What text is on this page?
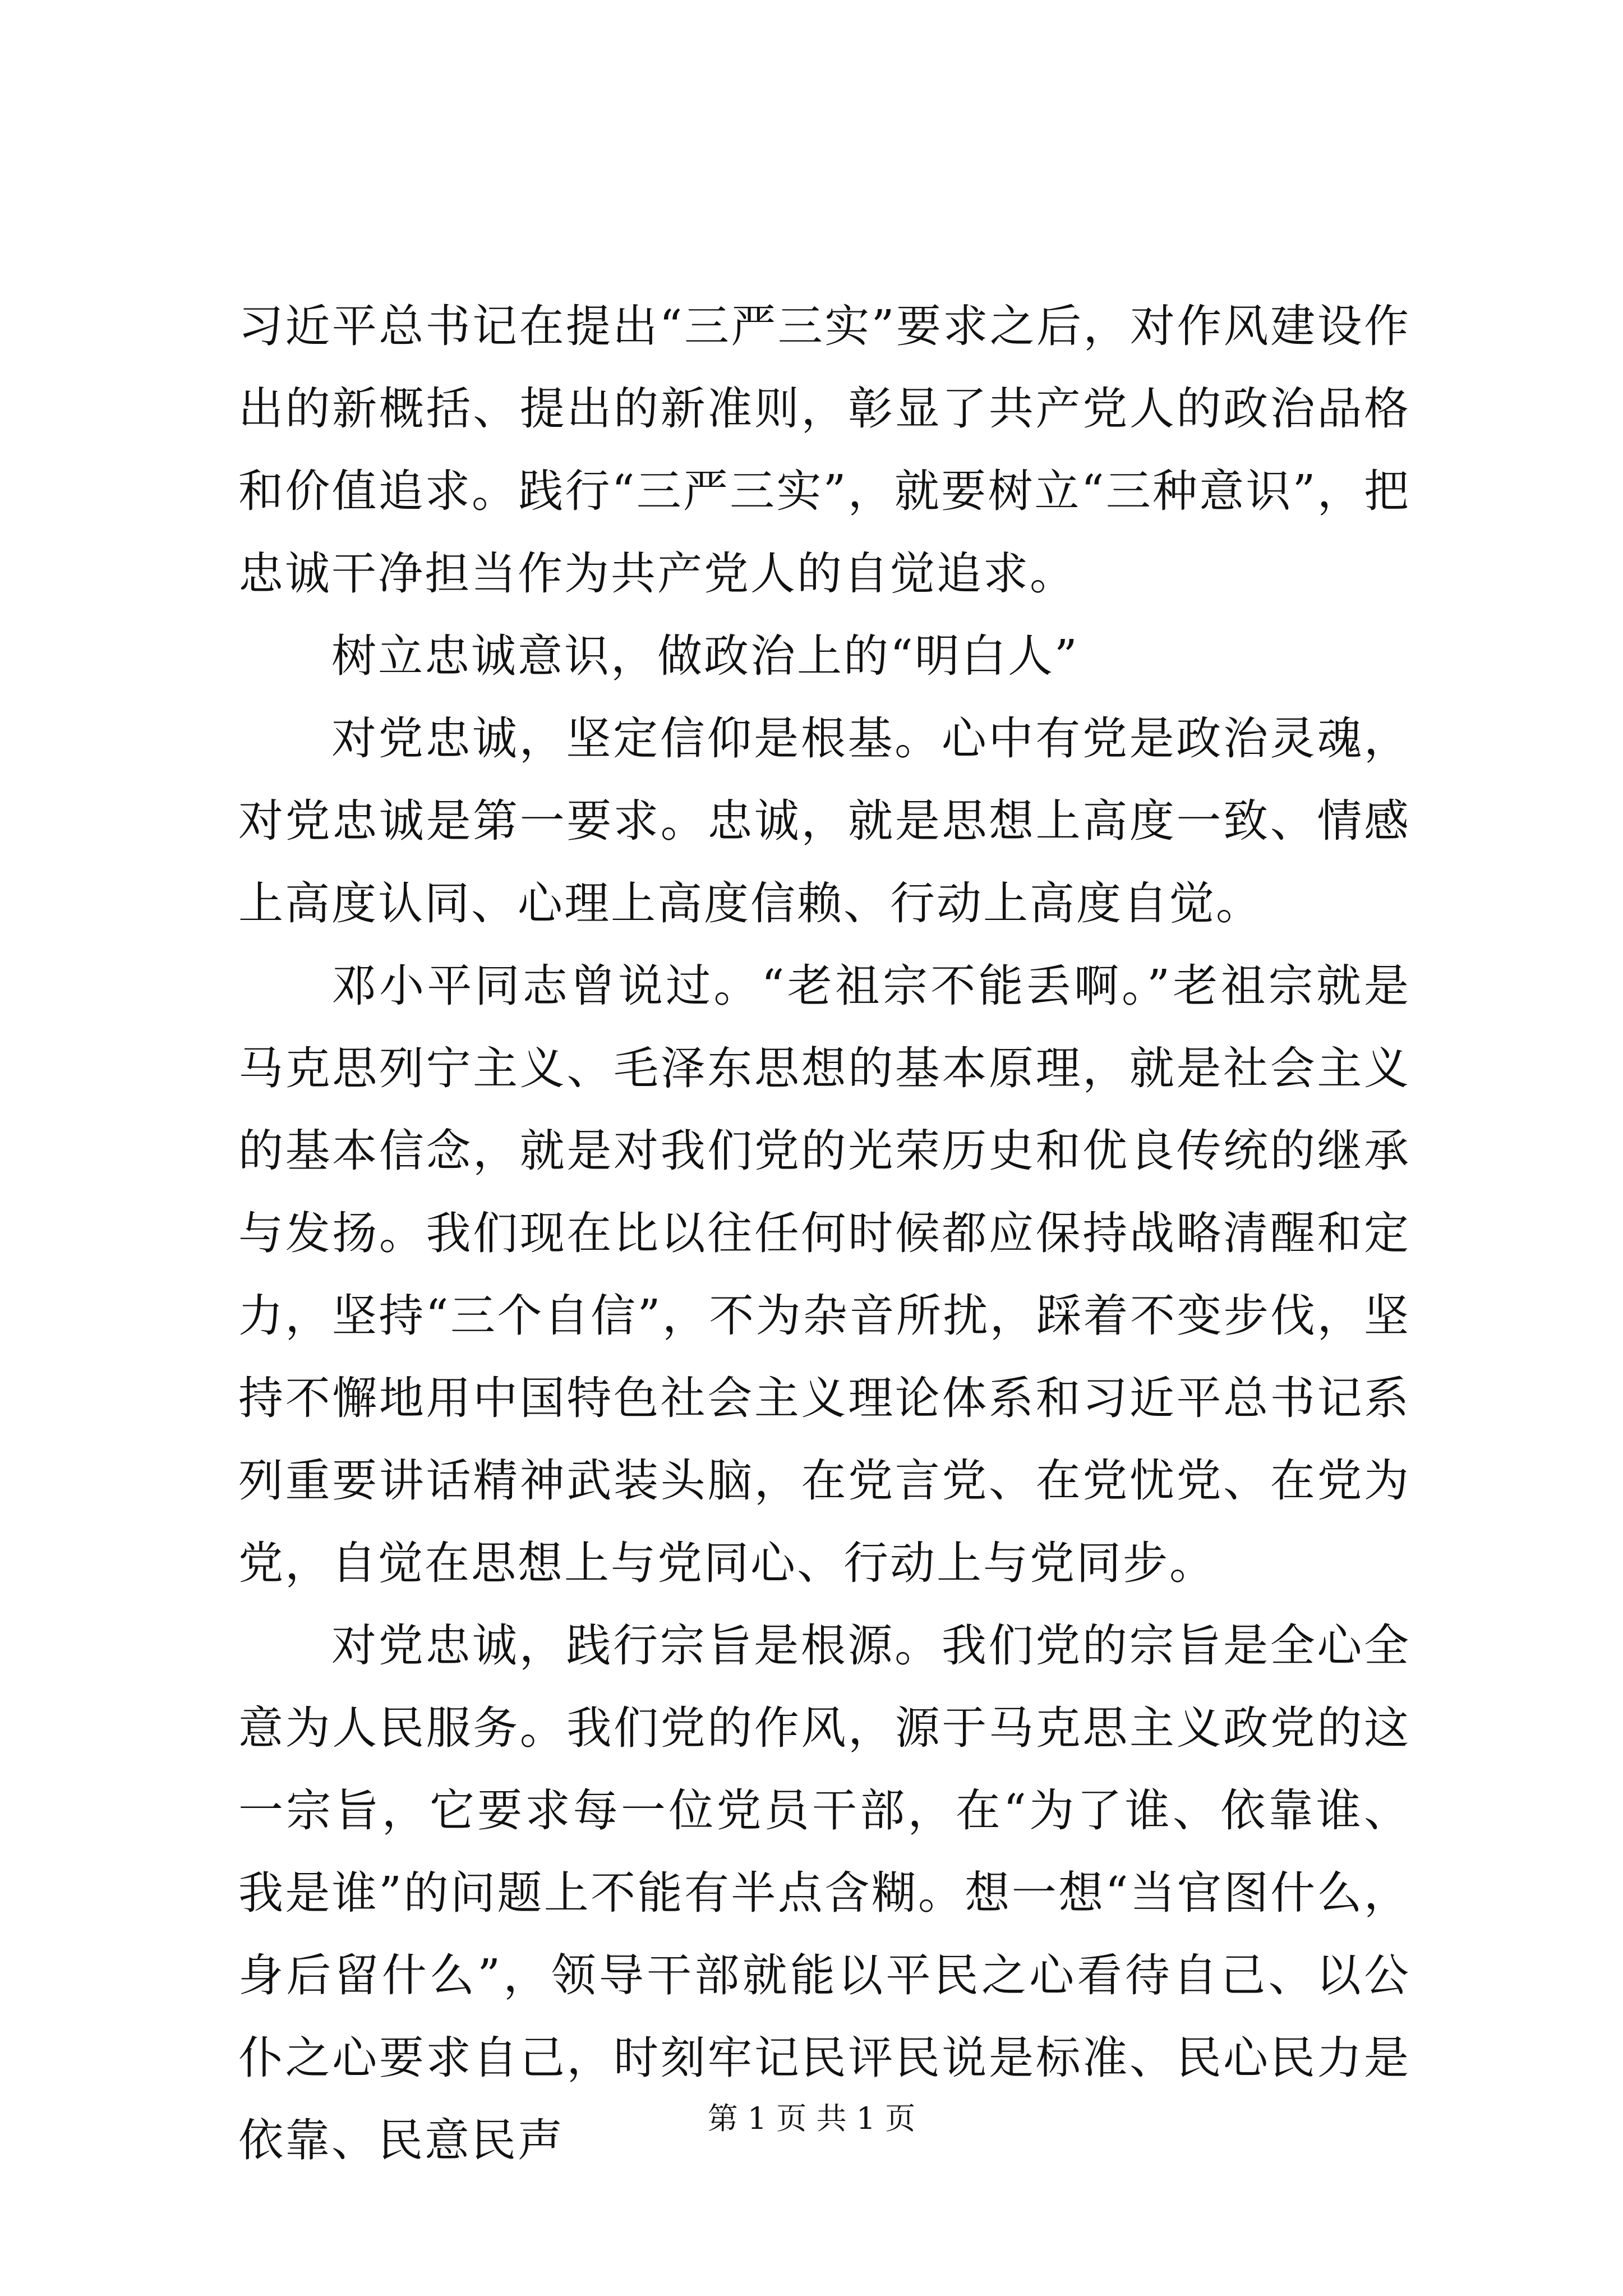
习近平总书记在提出“三严三实”要求之后，对作风建设作出的新概括、提出的新准则，彰显了共产党人的政治品格和价值追求。践行“三严三实”，就要树立“三种意识”，把忠诚干净担当作为共产党人的自觉追求。

树立忠诚意识，做政治上的“明白人”

对党忠诚，坚定信仰是根基。心中有党是政治灵魂，对党忠诚是第一要求。忠诚，就是思想上高度一致、情感上高度认同、心理上高度信赖、行动上高度自觉。

邓小平同志曾说过。“老祖宗不能丢啊。”老祖宗就是马克思列宁主义、毛泽东思想的基本原理，就是社会主义的基本信念，就是对我们党的光荣历史和优良传统的继承与发扬。我们现在比以往任何时候都应保持战略清醒和定力，坚持“三个自信”，不为杂音所扰，踩着不变步伐，坚持不懈地用中国特色社会主义理论体系和习近平总书记系列重要讲话精神武装头脑，在党言党、在党忧党、在党为党，自觉在思想上与党同心、行动上与党同步。

对党忠诚，践行宗旨是根源。我们党的宗旨是全心全意为人民服务。我们党的作风，源于马克思主义政党的这一宗旨，它要求每一位党员干部，在“为了谁、依靠谁、我是谁”的问题上不能有半点含糊。想一想“当官图什么，身后留什么”，领导干部就能以平民之心看待自己、以公仆之心要求自己，时刻牢记民评民说是标准、民心民力是依靠、民意民声	第 1 页 共 1 页
